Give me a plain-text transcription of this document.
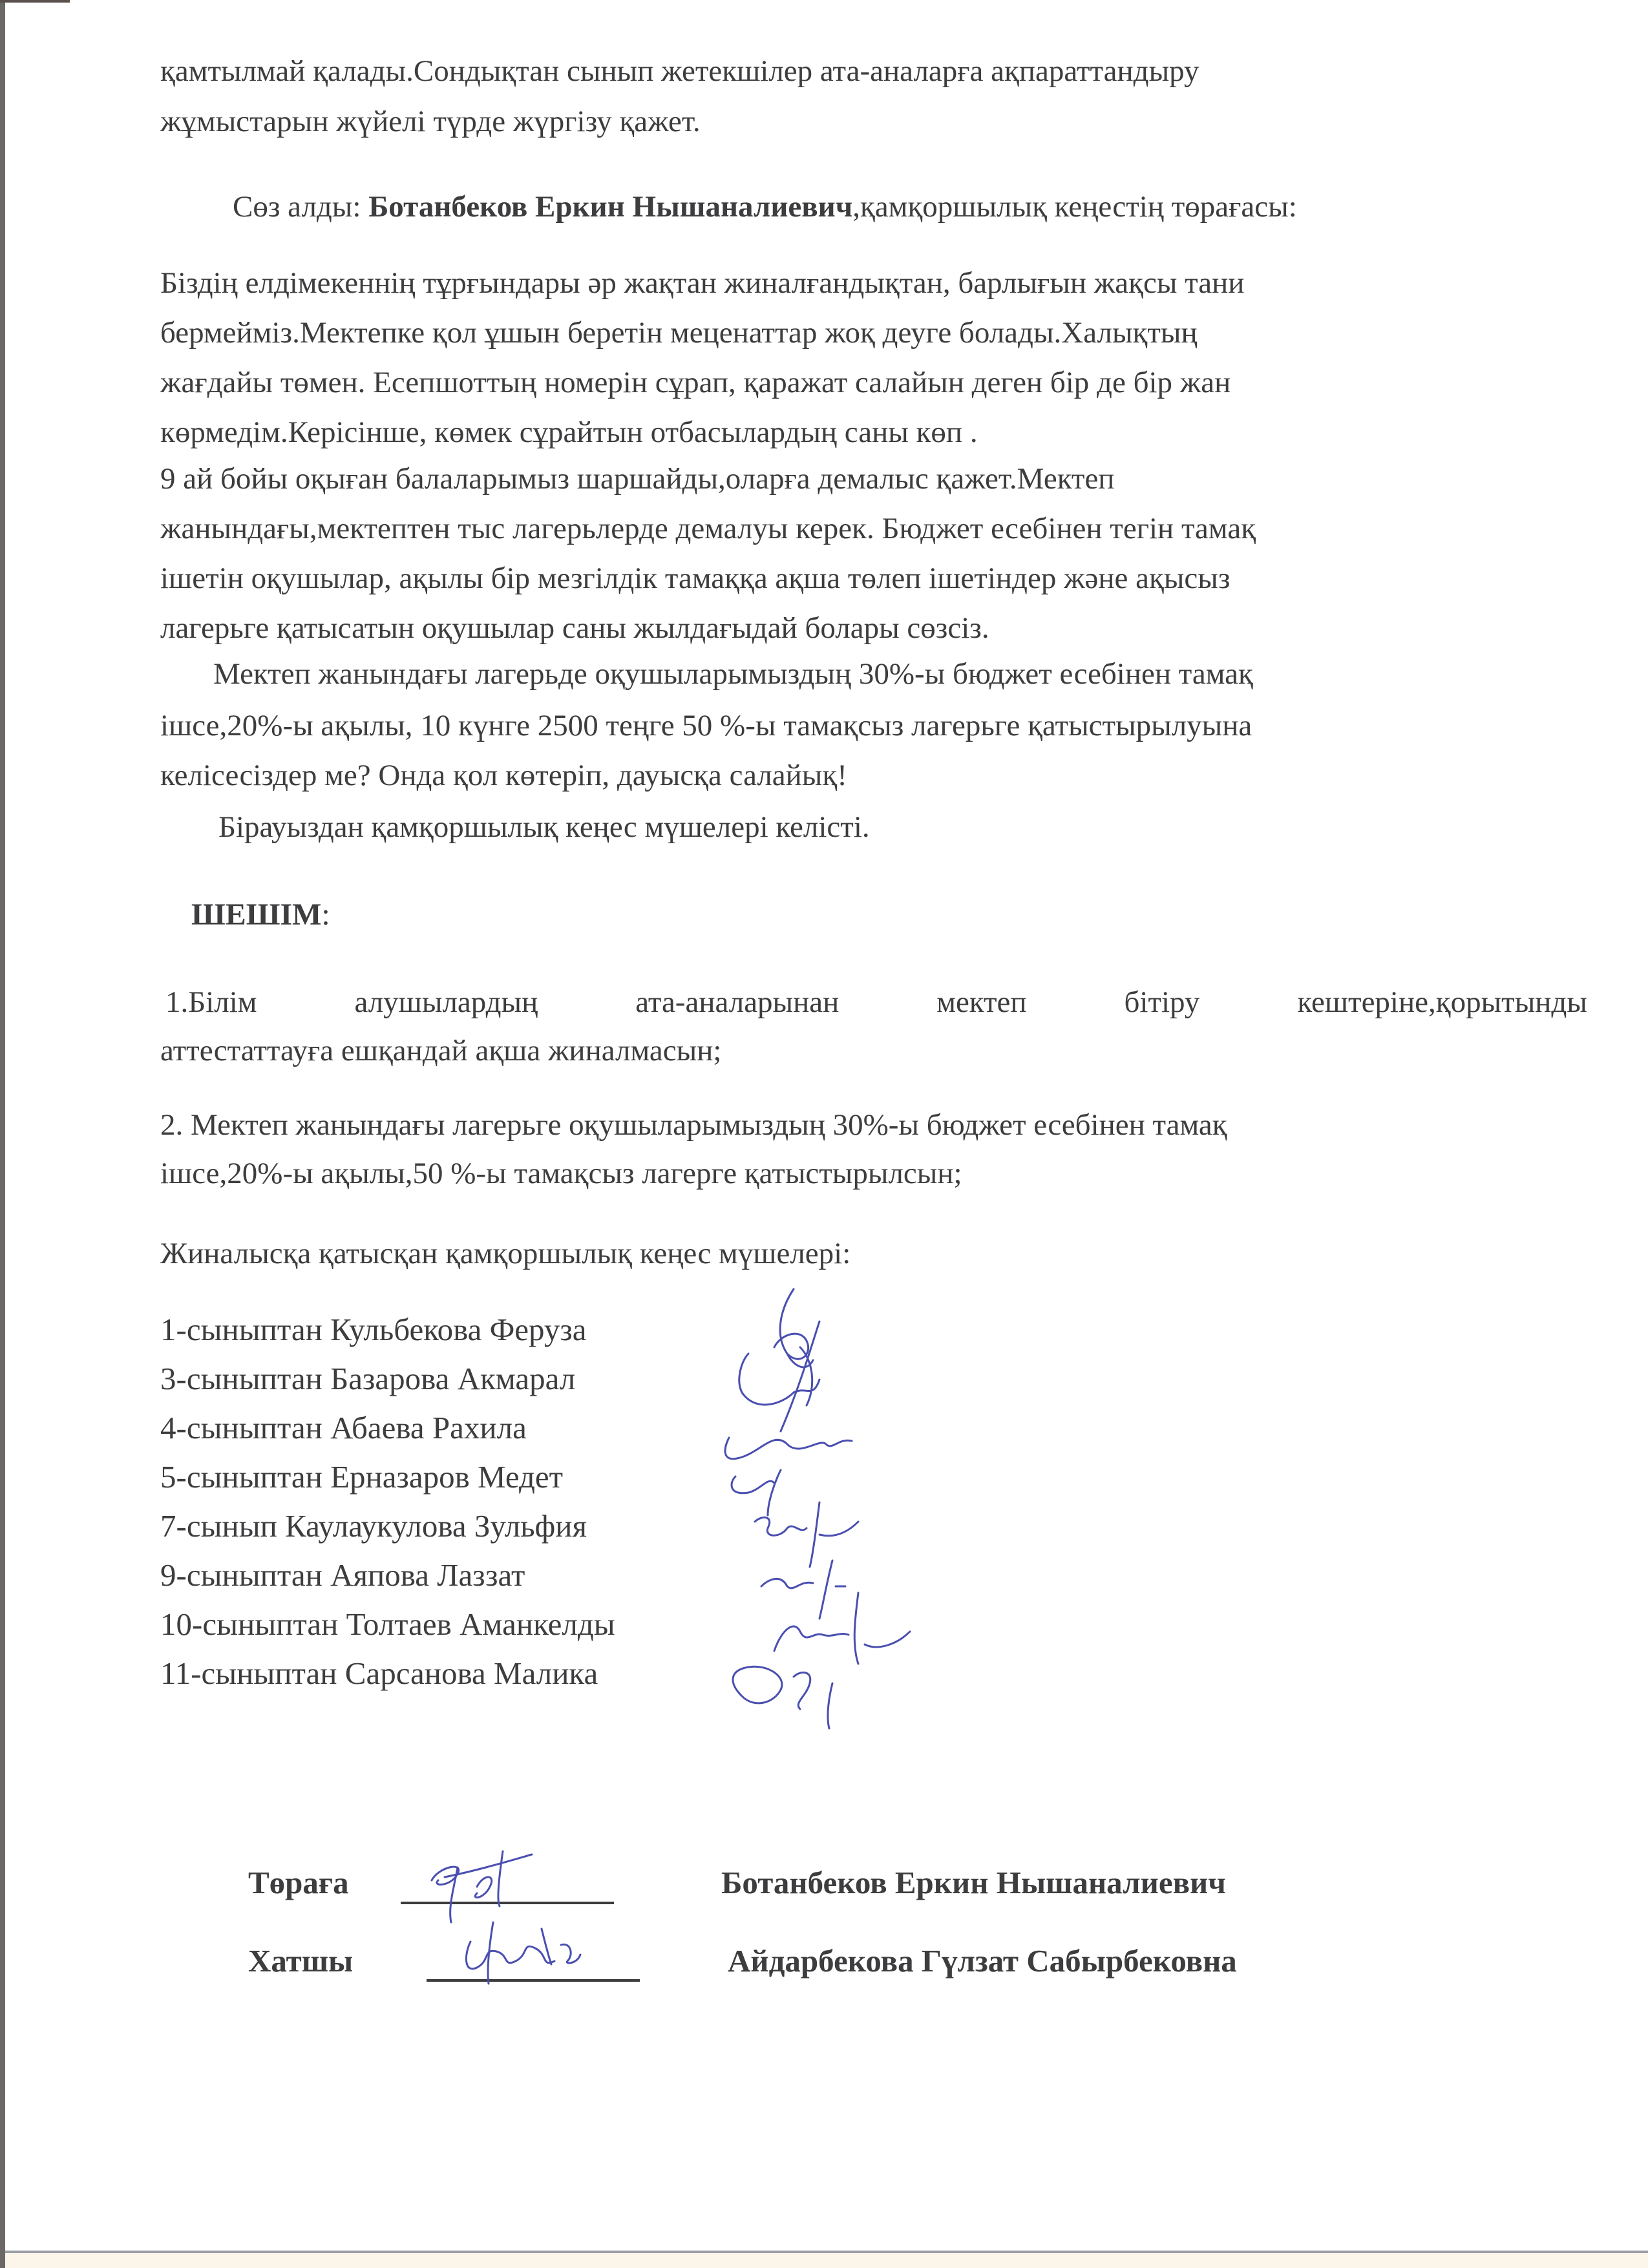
қамтылмай қалады.Сондықтан сынып жетекшілер ата-аналарға ақпараттандыру
жұмыстарын жүйелі түрде жүргізу қажет.
Сөз алды: Ботанбеков Еркин Нышаналиевич,қамқоршылық кеңестің төрағасы:
Біздің елдімекеннің тұрғындары әр жақтан жиналғандықтан, барлығын жақсы тани
бермейміз.Мектепке қол ұшын беретін меценаттар жоқ деуге болады.Халықтың
жағдайы төмен. Есепшоттың номерін сұрап, қаражат салайын деген бір де бір жан
көрмедім.Керісінше, көмек сұрайтын отбасылардың саны көп .
9 ай бойы оқыған балаларымыз шаршайды,оларға демалыс қажет.Мектеп
жанындағы,мектептен тыс лагерьлерде демалуы керек. Бюджет есебінен тегін тамақ
ішетін оқушылар, ақылы бір мезгілдік тамаққа ақша төлеп ішетіндер және ақысыз
лагерьге қатысатын оқушылар саны жылдағыдай болары сөзсіз.
Мектеп жанындағы лагерьде оқушыларымыздың 30%-ы бюджет есебінен тамақ
ішсе,20%-ы ақылы, 10 күнге 2500 теңге 50 %-ы тамақсыз лагерьге қатыстырылуына
келісесіздер ме? Онда қол көтеріп, дауысқа салайық!
Бірауыздан қамқоршылық кеңес мүшелері келісті.
ШЕШІМ:
1.Білім	алушылардың	ата-аналарынан	мектеп	бітіру	кештеріне,қорытынды
аттестаттауға ешқандай ақша жиналмасын;
2. Мектеп жанындағы лагерьге оқушыларымыздың 30%-ы бюджет есебінен тамақ
ішсе,20%-ы ақылы,50 %-ы тамақсыз лагерге қатыстырылсын;
Жиналысқа қатысқан қамқоршылық кеңес мүшелері:
1-сыныптан Кульбекова Феруза
3-сыныптан Базарова Акмарал
4-сыныптан Абаева Рахила
5-сыныптан Ерназаров Медет
7-сынып Каулаукулова Зульфия
9-сыныптан Аяпова Лаззат
10-сыныптан Толтаев Аманкелды
11-сыныптан Сарсанова Малика
Төраға	Ботанбеков Еркин Нышаналиевич
Хатшы	Айдарбекова Гүлзат Сабырбековна
